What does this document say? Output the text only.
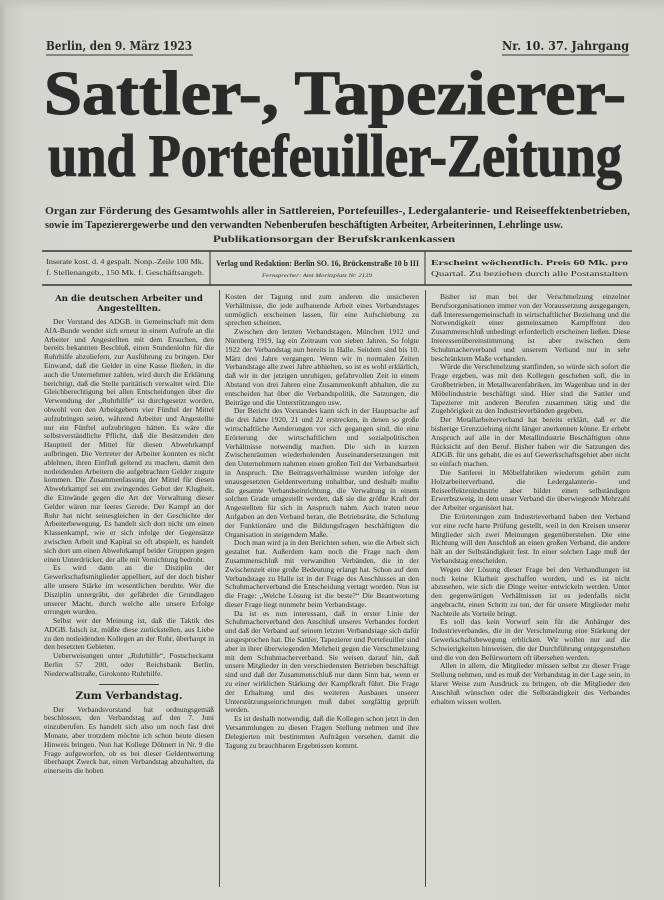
Berlin, den 9. März 1923	Nr. 10. 37. Jahrgang
Sattler-, Tapezierer-
und Portefeuiller-Zeitung
Organ zur Förderung des Gesamtwohls aller in Sattlereien, Portefeuilles-, Ledergalanterie- und Reiseeffektenbetrieben,
sowie im Tapezierergewerbe und den verwandten Nebenberufen beschäftigten Arbeiter, Arbeiterinnen, Lehrlinge usw.
Publikationsorgan der Berufskrankenkassen
Inserate kost. d. 4 gespalt. Nonp.-Zeile 100 Mk.
f. Stellenangeb., 150 Mk. f. Geschäftsangeb.
Verlag und Redaktion: Berlin SO. 16, Brückenstraße 10 b III
Fernsprecher: Amt Moritzplatz Nr. 2139
Erscheint wöchentlich. Preis 60 Mk. pro
Quartal. Zu beziehen durch alle Postanstalten
An die deutschen Arbeiter und Angestellten.

Der Vorstand des ADGB. in Gemeinschaft mit dem AfA-Bunde wendet sich erneut in einem Aufrufe an die Arbeiter und Angestellten mit dem Ersuchen, den bereits bekannten Beschluß, einen Stundenlohn für die Ruhrhilfe abzuliefern, zur Ausführung zu bringen. Der Einwand, daß die Gelder in eine Kasse fließen, in die auch die Unternehmer zahlen, wird durch die Erklärung berichtigt, daß die Stelle paritätisch verwaltet wird. Die Gleichberechtigung bei allen Entscheidungen über die Verwendung der „Ruhrhilfe“ ist durchgesetzt worden, obwohl von den Arbeitgebern vier Fünftel der Mittel aufzubringen seien, während Arbeiter und Angestellte nur ein Fünftel aufzubringen hätten. Es wäre die selbstverständliche Pflicht, daß die Besitzenden den Hauptteil der Mittel für diesen Abwehrkampf aufbringen. Die Vertreter der Arbeiter konnten es nicht ablehnen, ihren Einfluß geltend zu machen, damit den notleidenden Arbeitern die aufgebrachten Gelder zugute kommen. Die Zusammenfassung der Mittel für diesen Abwehrkampf sei ein zwingendes Gebot der Klugheit, die Einwände gegen die Art der Verwaltung dieser Gelder wären nur leeres Gerede. Der Kampf an der Ruhr hat nicht seinesgleichen in der Geschichte der Arbeiterbewegung. Es handelt sich dort nicht um einen Klassenkampf, wie er sich infolge der Gegensätze zwischen Arbeit und Kapital so oft abspielt, es handelt sich dort um einen Abwehrkampf beider Gruppen gegen einen Unterdrücker, der alle mit Vernichtung bedroht.

Es wird dann an die Disziplin der Gewerkschaftsmitglieder appelliert, auf der doch bisher alle unsere Stärke im wesentlichen beruhte. Wer die Disziplin untergräbt, der gefährdet die Grundlagen unserer Macht, durch welche alle unsere Erfolge errungen wurden.

Selbst wer der Meinung ist, daß die Taktik des ADGB. falsch ist, müßte diese zurückstellen, aus Liebe zu den notleidenden Kollegen an der Ruhr, überhaupt in den besetzten Gebieten.

Ueberweisungen unter „Ruhrhilfe“, Postscheckamt Berlin 57 200, oder Reichsbank Berlin, Niederwallstraße, Girokonto Ruhrhilfe.

Zum Verbandstag.

Der Verbandsvorstand hat ordnungsgemäß beschlossen, den Verbandstag auf den 7. Juni einzuberufen. Es handelt sich also um noch fast drei Monate, aber trotzdem möchte ich schon heute diesen Hinweis bringen. Nun hat Kollege Döhnert in Nr. 9 die Frage aufgeworfen, ob es bei dieser Geldentwertung überhaupt Zweck hat, einen Verbandstag abzuhalten, da einerseits die hohen

Kosten der Tagung und zum anderen die unsicheren Verhältnisse, die jede aufbauende Arbeit eines Verbandstages unmöglich erscheinen lassen, für eine Aufschiebung zu sprechen scheinen.

Zwischen den letzten Verbandstagen, München 1912 und Nürnberg 1919, lag ein Zeitraum von sieben Jahren. So folgte 1922 der Verbandstag nun bereits in Halle. Seitdem sind bis 10. März drei Jahre vergangen. Wenn wir in normalen Zeiten Verbandstage alle zwei Jahre abhielten, so ist es wohl erklärlich, daß wir in der jetzigen unruhigen, gefahrvollen Zeit in einem Abstand von drei Jahren eine Zusammenkunft abhalten, die zu entscheiden hat über die Verbandspolitik, die Satzungen, die Beiträge und die Unterstützungen usw.

Der Bericht des Vorstandes kann sich in der Hauptsache auf die drei Jahre 1920, 21 und 22 erstrecken, in denen so große wirtschaftliche Aenderungen vor sich gegangen sind, die eine Erörterung der wirtschaftlichen und sozialpolitischen Verhältnisse notwendig machen. Die sich in kurzen Zwischenräumen wiederholenden Auseinandersetzungen mit den Unternehmern nahmen einen großen Teil der Verbandsarbeit in Anspruch. Die Beitragsverhältnisse wurden infolge der unausgesetzten Geldentwertung unhaltbar, und deshalb mußte die gesamte Verbandseinrichtung, die Verwaltung in einem solchen Grade umgestellt werden, daß sie die größte Kraft der Angestellten für sich in Anspruch nahm. Auch traten neue Aufgaben an den Verband heran, die Betriebsräte, die Schulung der Funktionäre und die Bildungsfragen beschäftigten die Organisation in steigendem Maße.

Doch man wird ja in den Berichten sehen, wie die Arbeit sich gestaltet hat. Außerdem kam noch die Frage nach dem Zusammenschluß mit verwandten Verbänden, die in der Zwischenzeit eine große Bedeutung erlangt hat. Schon auf dem Verbandstage zu Halle ist in der Frage des Anschlusses an den Schuhmacherverband die Entscheidung vertagt worden. Nun ist die Frage: „Welche Lösung ist die beste?“ Die Beantwortung dieser Frage liegt nunmehr beim Verbandstage.

Da ist es nun interessant, daß in erster Linie der Schuhmacherverband den Anschluß unseres Verbandes fordert und daß der Verband auf seinem letzten Verbandstage sich dafür ausgesprochen hat. Die Sattler, Tapezierer und Portefeuiller sind aber in ihrer überwiegenden Mehrheit gegen die Verschmelzung mit dem Schuhmacherverband. Sie weisen darauf hin, daß unsere Mitglieder in den verschiedensten Betrieben beschäftigt sind und daß der Zusammenschluß nur dann Sinn hat, wenn er zu einer wirklichen Stärkung der Kampfkraft führt. Die Frage der Erhaltung und des weiteren Ausbaues unserer Unterstützungseinrichtungen muß dabei sorgfältig geprüft werden.

Es ist deshalb notwendig, daß die Kollegen schon jetzt in den Versammlungen zu diesen Fragen Stellung nehmen und ihre Delegierten mit bestimmten Aufträgen versehen, damit die Tagung zu brauchbaren Ergebnissen kommt.

Bisher ist man bei der Verschmelzung einzelner Berufsorganisationen immer von der Voraussetzung ausgegangen, daß Interessengemeinschaft in wirtschaftlicher Beziehung und die Notwendigkeit einer gemeinsamen Kampffront den Zusammenschluß unbedingt erforderlich erscheinen ließen. Diese Interessenübereinstimmung ist aber zwischen dem Schuhmacherverband und unserem Verband nur in sehr beschränktem Maße vorhanden.

Würde die Verschmelzung stattfinden, so würde sich sofort die Frage ergeben, was mit den Kollegen geschehen soll, die in Großbetrieben, in Metallwarenfabriken, im Wagenbau und in der Möbelindustrie beschäftigt sind. Hier sind die Sattler und Tapezierer mit anderen Berufen zusammen tätig und die Zugehörigkeit zu den Industrieverbänden gegeben.

Der Metallarbeiterverband hat bereits erklärt, daß er die bisherige Grenzziehung nicht länger anerkennen könne. Er erhebt Anspruch auf alle in der Metallindustrie Beschäftigten ohne Rücksicht auf den Beruf. Bisher haben wir die Satzungen des ADGB. für uns gehabt, die es auf Gewerkschaftsgebiet aber nicht so einfach machen.

Die Sattlerei in Möbelfabriken wiederum gehört zum Holzarbeiterverband, die Ledergalanterie- und Reiseeffektenindustrie aber bildet einen selbständigen Erwerbszweig, in dem unser Verband die überwiegende Mehrzahl der Arbeiter organisiert hat.

Die Erörterungen zum Industrieverband haben den Verband vor eine recht harte Prüfung gestellt, weil in den Kreisen unserer Mitglieder sich zwei Meinungen gegenüberstehen. Die eine Richtung will den Anschluß an einen großen Verband, die andere hält an der Selbständigkeit fest. In einer solchen Lage muß der Verbandstag entscheiden.

Wegen der Lösung dieser Frage bei den Verhandlungen ist noch keine Klarheit geschaffen worden, und es ist nicht abzusehen, wie sich die Dinge weiter entwickeln werden. Unter den gegenwärtigen Verhältnissen ist es jedenfalls nicht angebracht, einen Schritt zu tun, der für unsere Mitglieder mehr Nachteile als Vorteile bringt.

Es soll das kein Vorwurf sein für die Anhänger des Industrieverbandes, die in der Verschmelzung eine Stärkung der Gewerkschaftsbewegung erblicken. Wir wollen nur auf die Schwierigkeiten hinweisen, die der Durchführung entgegenstehen und die von den Befürwortern oft übersehen werden.

Allen in allem, die Mitglieder müssen selbst zu dieser Frage Stellung nehmen, und es muß der Verbandstag in der Lage sein, in klarer Weise zum Ausdruck zu bringen, ob die Mitglieder den Anschluß wünschen oder die Selbständigkeit des Verbandes erhalten wissen wollen.
